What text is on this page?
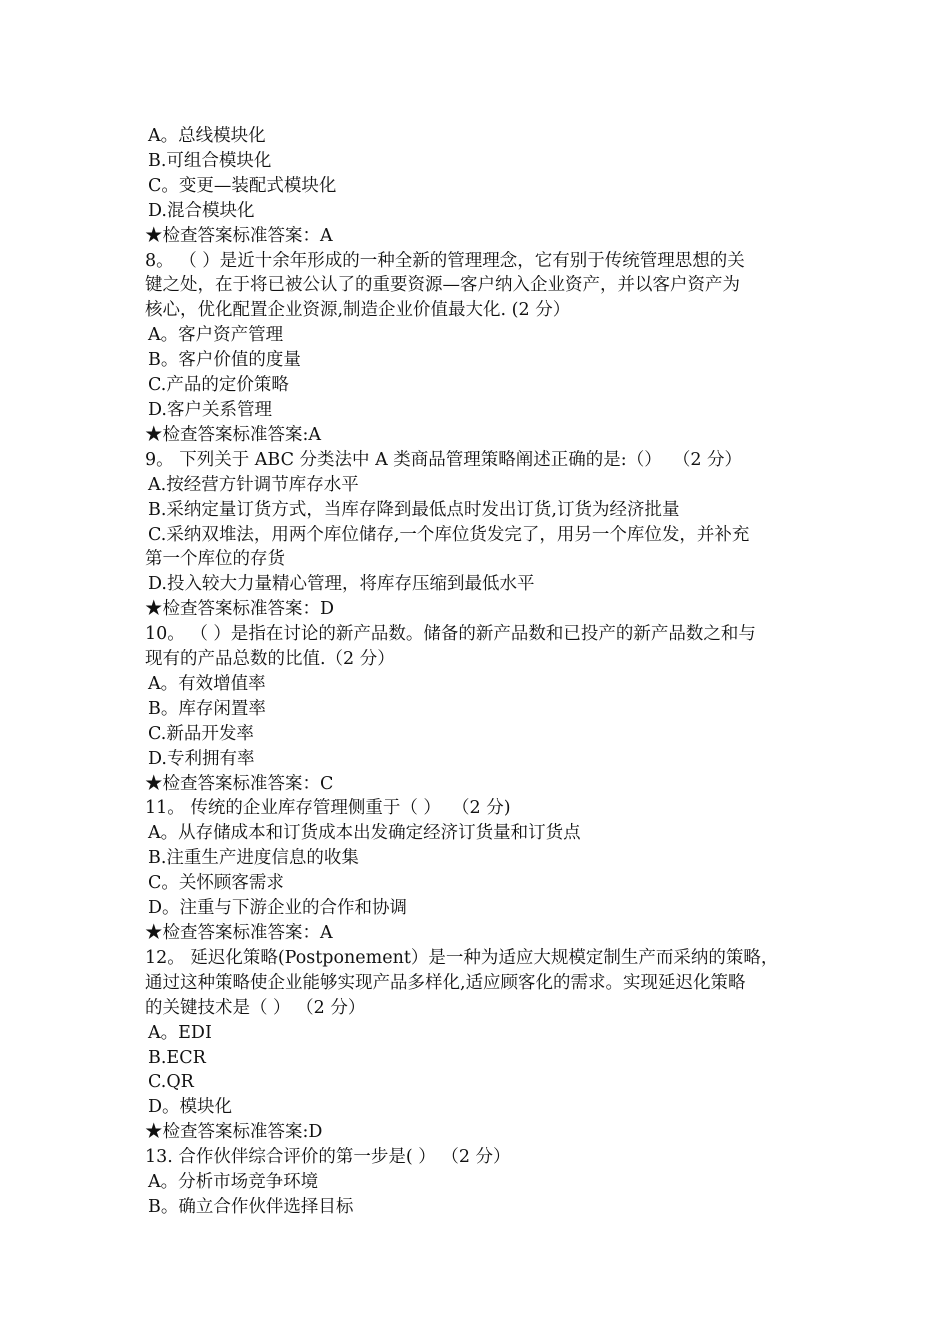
A。总线模块化

B.可组合模块化

C。变更—装配式模块化

D.混合模块化

★检查答案标准答案：A

8。 （ ）是近十余年形成的一种全新的管理理念，它有别于传统管理思想的关

键之处，在于将已被公认了的重要资源—客户纳入企业资产，并以客户资产为

核心，优化配置企业资源,制造企业价值最大化. (2 分）

A。客户资产管理

B。客户价值的度量

C.产品的定价策略

D.客户关系管理

★检查答案标准答案:A

9。 下列关于 ABC 分类法中 A 类商品管理策略阐述正确的是:（）  （2 分）

A.按经营方针调节库存水平

B.采纳定量订货方式，当库存降到最低点时发出订货,订货为经济批量

C.采纳双堆法，用两个库位储存,一个库位货发完了，用另一个库位发，并补充

第一个库位的存货

D.投入较大力量精心管理，将库存压缩到最低水平

★检查答案标准答案：D

10。 （ ）是指在讨论的新产品数。储备的新产品数和已投产的新产品数之和与

现有的产品总数的比值.（2 分）

A。有效增值率

B。库存闲置率

C.新品开发率

D.专利拥有率

★检查答案标准答案：C

11。 传统的企业库存管理侧重于（ ）  （2 分)

A。从存储成本和订货成本出发确定经济订货量和订货点

B.注重生产进度信息的收集

C。关怀顾客需求

D。注重与下游企业的合作和协调

★检查答案标准答案：A

12。 延迟化策略(Postponement）是一种为适应大规模定制生产而采纳的策略，

通过这种策略使企业能够实现产品多样化,适应顾客化的需求。实现延迟化策略

的关键技术是（ ） （2 分）

A。EDI

B.ECR

C.QR

D。模块化

★检查答案标准答案:D

13. 合作伙伴综合评价的第一步是( ） （2 分）

A。分析市场竞争环境

B。确立合作伙伴选择目标
